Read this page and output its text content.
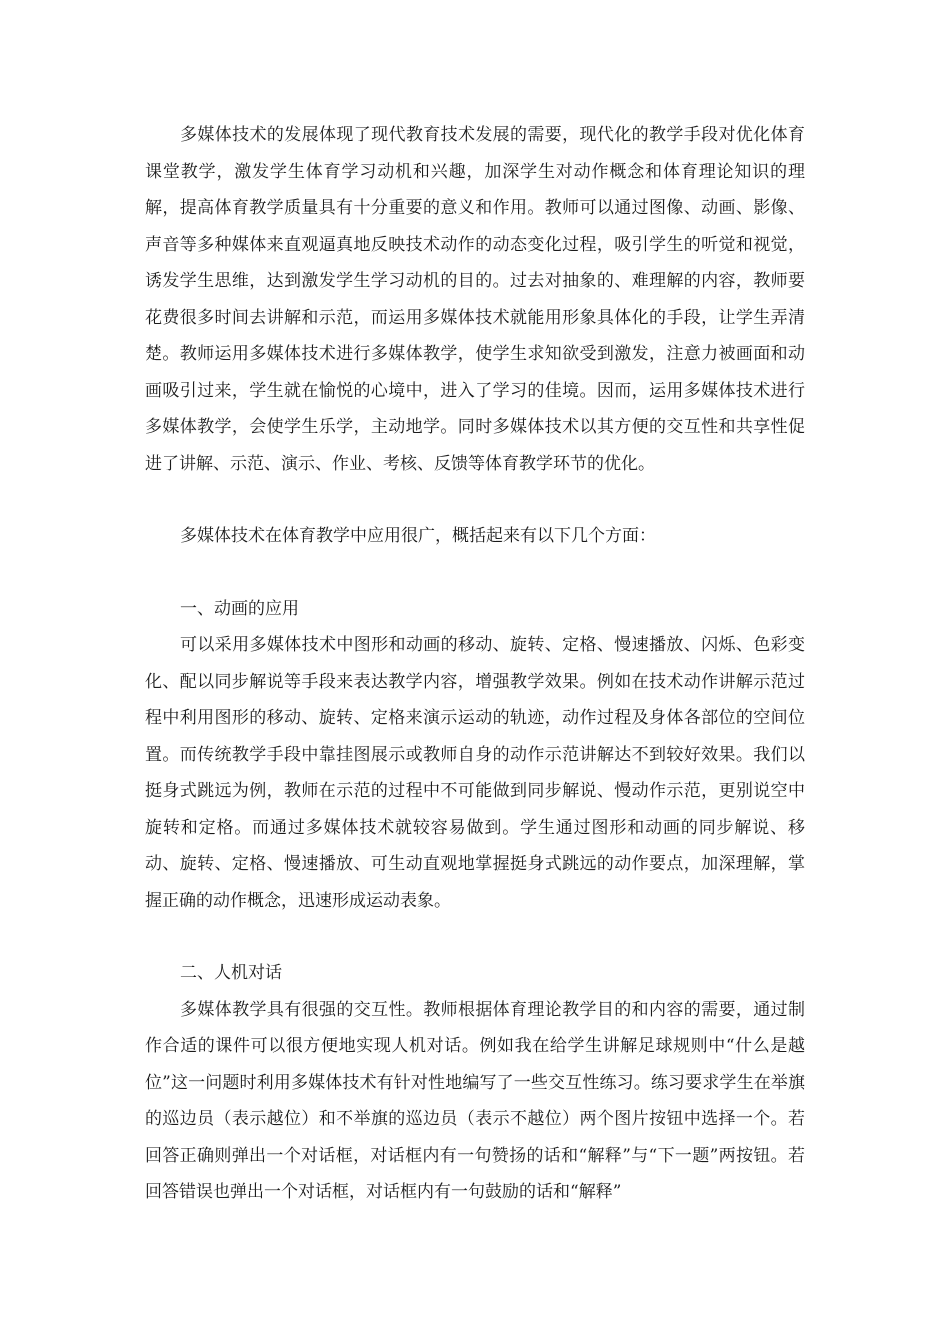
多媒体技术的发展体现了现代教育技术发展的需要，现代化的教学手段对优化体育课堂教学，激发学生体育学习动机和兴趣，加深学生对动作概念和体育理论知识的理解，提高体育教学质量具有十分重要的意义和作用。教师可以通过图像、动画、影像、声音等多种媒体来直观逼真地反映技术动作的动态变化过程，吸引学生的听觉和视觉，诱发学生思维，达到激发学生学习动机的目的。过去对抽象的、难理解的内容，教师要花费很多时间去讲解和示范，而运用多媒体技术就能用形象具体化的手段，让学生弄清楚。教师运用多媒体技术进行多媒体教学，使学生求知欲受到激发，注意力被画面和动画吸引过来，学生就在愉悦的心境中，进入了学习的佳境。因而，运用多媒体技术进行多媒体教学，会使学生乐学，主动地学。同时多媒体技术以其方便的交互性和共享性促进了讲解、示范、演示、作业、考核、反馈等体育教学环节的优化。

多媒体技术在体育教学中应用很广，概括起来有以下几个方面：

一、动画的应用

可以采用多媒体技术中图形和动画的移动、旋转、定格、慢速播放、闪烁、色彩变化、配以同步解说等手段来表达教学内容，增强教学效果。例如在技术动作讲解示范过程中利用图形的移动、旋转、定格来演示运动的轨迹，动作过程及身体各部位的空间位置。而传统教学手段中靠挂图展示或教师自身的动作示范讲解达不到较好效果。我们以挺身式跳远为例，教师在示范的过程中不可能做到同步解说、慢动作示范，更别说空中旋转和定格。而通过多媒体技术就较容易做到。学生通过图形和动画的同步解说、移动、旋转、定格、慢速播放、可生动直观地掌握挺身式跳远的动作要点，加深理解，掌握正确的动作概念，迅速形成运动表象。

二、人机对话

多媒体教学具有很强的交互性。教师根据体育理论教学目的和内容的需要，通过制作合适的课件可以很方便地实现人机对话。例如我在给学生讲解足球规则中“什么是越位”这一问题时利用多媒体技术有针对性地编写了一些交互性练习。练习要求学生在举旗的巡边员（表示越位）和不举旗的巡边员（表示不越位）两个图片按钮中选择一个。若回答正确则弹出一个对话框，对话框内有一句赞扬的话和“解释”与“下一题”两按钮。若回答错误也弹出一个对话框，对话框内有一句鼓励的话和“解释”
